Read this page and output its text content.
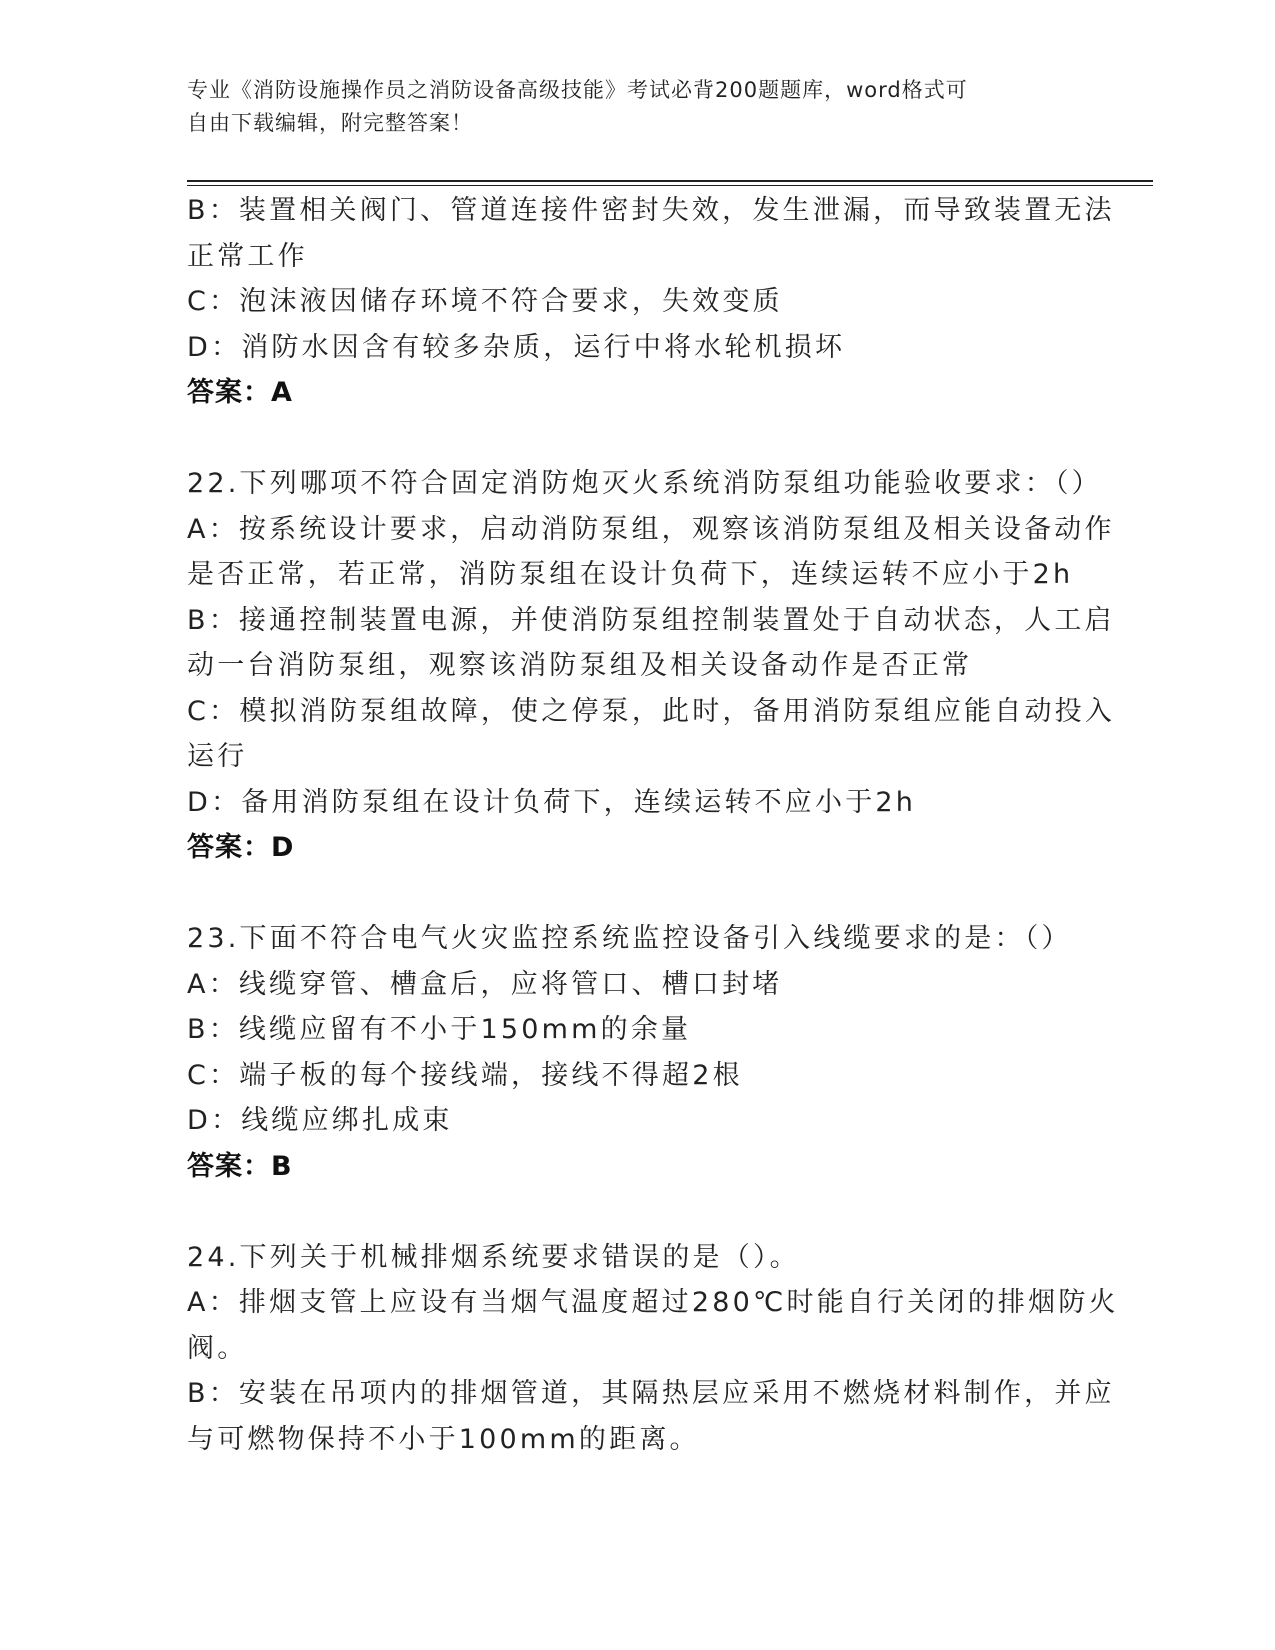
专业《消防设施操作员之消防设备高级技能》考试必背200题题库，word格式可
自由下载编辑，附完整答案！
B：装置相关阀门、管道连接件密封失效，发生泄漏，而导致装置无法
正常工作
C：泡沫液因储存环境不符合要求，失效变质
D：消防水因含有较多杂质，运行中将水轮机损坏
答案：A
22.下列哪项不符合固定消防炮灭火系统消防泵组功能验收要求：（）
A：按系统设计要求，启动消防泵组，观察该消防泵组及相关设备动作
是否正常，若正常，消防泵组在设计负荷下，连续运转不应小于2h
B：接通控制装置电源，并使消防泵组控制装置处于自动状态，人工启
动一台消防泵组，观察该消防泵组及相关设备动作是否正常
C：模拟消防泵组故障，使之停泵，此时，备用消防泵组应能自动投入
运行
D：备用消防泵组在设计负荷下，连续运转不应小于2h
答案：D
23.下面不符合电气火灾监控系统监控设备引入线缆要求的是：（）
A：线缆穿管、槽盒后，应将管口、槽口封堵
B：线缆应留有不小于150mm的余量
C：端子板的每个接线端，接线不得超2根
D：线缆应绑扎成束
答案：B
24.下列关于机械排烟系统要求错误的是（）。
A：排烟支管上应设有当烟气温度超过280℃时能自行关闭的排烟防火
阀。
B：安装在吊项内的排烟管道，其隔热层应采用不燃烧材料制作，并应
与可燃物保持不小于100mm的距离。
